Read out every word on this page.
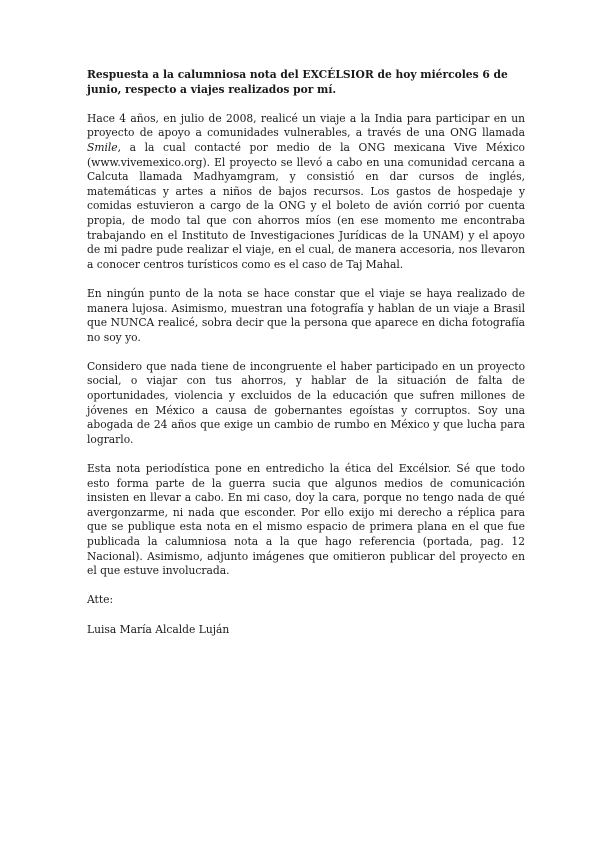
Respuesta a la calumniosa nota del EXCÉLSIOR de hoy miércoles 6 de junio, respecto a viajes realizados por mí.

Hace 4 años, en julio de 2008, realicé un viaje a la India para participar en un proyecto de apoyo a comunidades vulnerables, a través de una ONG llamada Smile, a la cual contacté por medio de la ONG mexicana Vive México (www.vivemexico.org). El proyecto se llevó a cabo en una comunidad cercana a Calcuta llamada Madhyamgram, y consistió en dar cursos de inglés, matemáticas y artes a niños de bajos recursos. Los gastos de hospedaje y comidas estuvieron a cargo de la ONG y el boleto de avión corrió por cuenta propia, de modo tal que con ahorros míos (en ese momento me encontraba trabajando en el Instituto de Investigaciones Jurídicas de la UNAM) y el apoyo de mi padre pude realizar el viaje, en el cual, de manera accesoria, nos llevaron a conocer centros turísticos como es el caso de Taj Mahal.

En ningún punto de la nota se hace constar que el viaje se haya realizado de manera lujosa. Asimismo, muestran una fotografía y hablan de un viaje a Brasil que NUNCA realicé, sobra decir que la persona que aparece en dicha fotografía no soy yo.

Considero que nada tiene de incongruente el haber participado en un proyecto social, o viajar con tus ahorros, y hablar de la situación de falta de oportunidades, violencia y excluidos de la educación que sufren millones de jóvenes en México a causa de gobernantes egoístas y corruptos. Soy una abogada de 24 años que exige un cambio de rumbo en México y que lucha para lograrlo.

Esta nota periodística pone en entredicho la ética del Excélsior. Sé que todo esto forma parte de la guerra sucia que algunos medios de comunicación insisten en llevar a cabo. En mi caso, doy la cara, porque no tengo nada de qué avergonzarme, ni nada que esconder. Por ello exijo mi derecho a réplica para que se publique esta nota en el mismo espacio de primera plana en el que fue publicada la calumniosa nota a la que hago referencia (portada, pag. 12 Nacional). Asimismo, adjunto imágenes que omitieron publicar del proyecto en el que estuve involucrada.

Atte:

Luisa María Alcalde Luján
